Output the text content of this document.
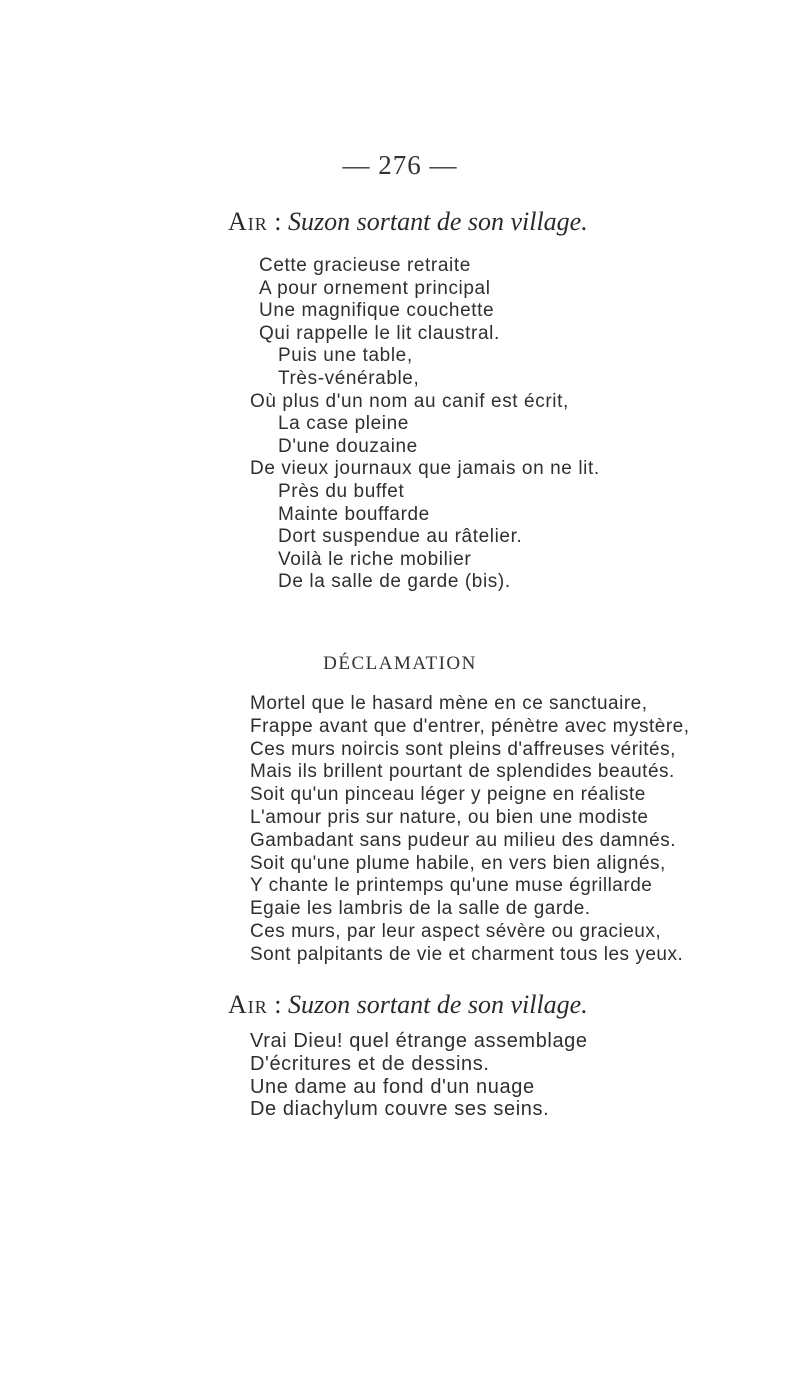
— 276 —
Air : Suzon sortant de son village.
Cette gracieuse retraite
A pour ornement principal
Une magnifique couchette
Qui rappelle le lit claustral.
Puis une table,
Très-vénérable,
Où plus d'un nom au canif est écrit,
La case pleine
D'une douzaine
De vieux journaux que jamais on ne lit.
Près du buffet
Mainte bouffarde
Dort suspendue au râtelier.
Voilà le riche mobilier
De la salle de garde (bis).
DÉCLAMATION
Mortel que le hasard mène en ce sanctuaire,
Frappe avant que d'entrer, pénètre avec mystère,
Ces murs noircis sont pleins d'affreuses vérités,
Mais ils brillent pourtant de splendides beautés.
Soit qu'un pinceau léger y peigne en réaliste
L'amour pris sur nature, ou bien une modiste
Gambadant sans pudeur au milieu des damnés.
Soit qu'une plume habile, en vers bien alignés,
Y chante le printemps qu'une muse égrillarde
Egaie les lambris de la salle de garde.
Ces murs, par leur aspect sévère ou gracieux,
Sont palpitants de vie et charment tous les yeux.
Air : Suzon sortant de son village.
Vrai Dieu! quel étrange assemblage
D'écritures et de dessins.
Une dame au fond d'un nuage
De diachylum couvre ses seins.
